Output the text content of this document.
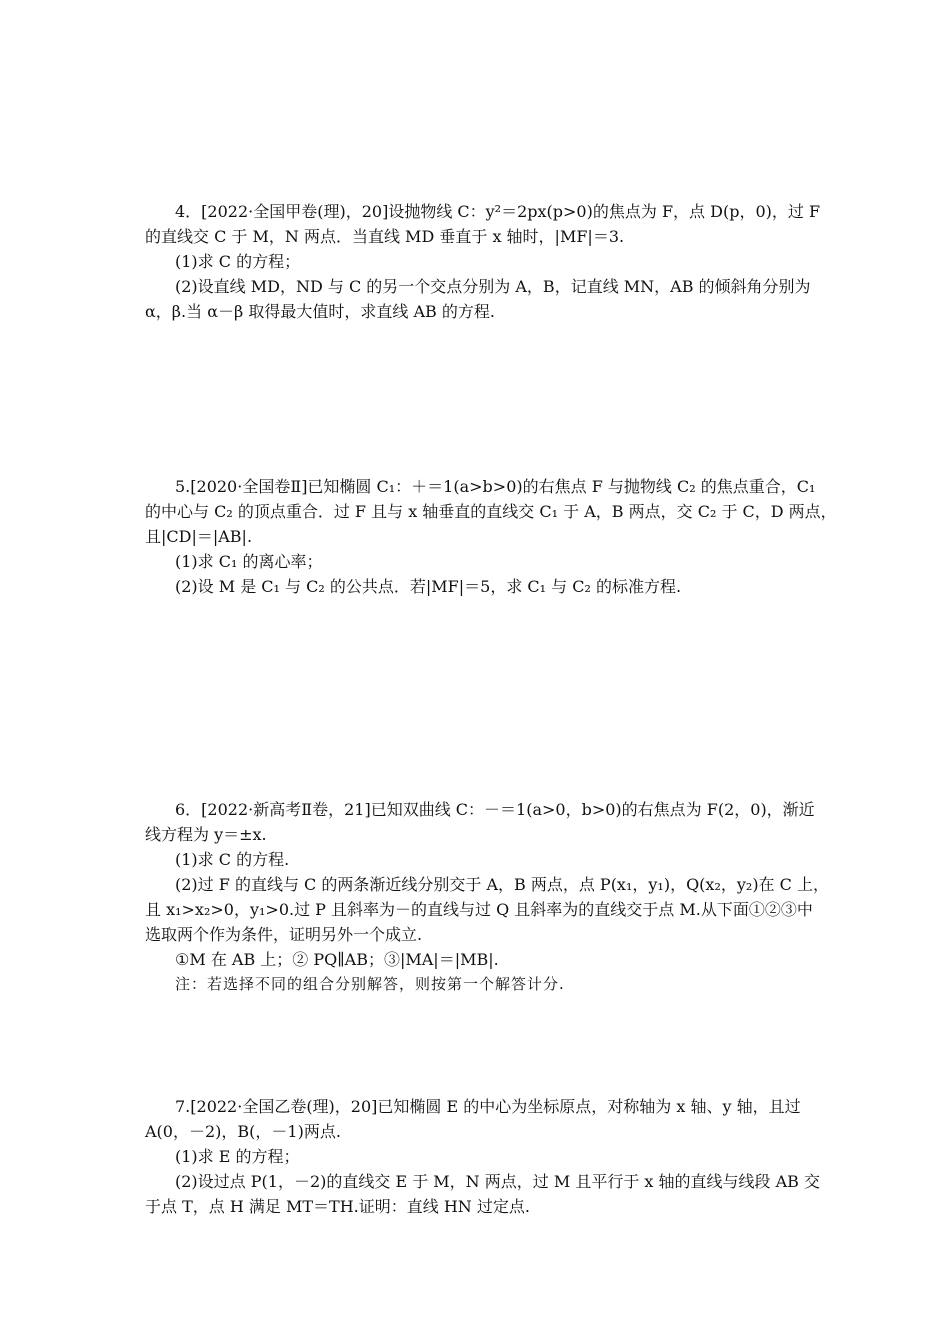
4．[2022·全国甲卷(理)，20]设抛物线 C：y²＝2px(p>0)的焦点为 F，点 D(p，0)，过 F
的直线交 C 于 M，N 两点．当直线 MD 垂直于 x 轴时，|MF|＝3.
(1)求 C 的方程；
(2)设直线 MD，ND 与 C 的另一个交点分别为 A，B，记直线 MN，AB 的倾斜角分别为
α，β.当 α－β 取得最大值时，求直线 AB 的方程.
5.[2020·全国卷Ⅱ]已知椭圆 C₁：＋＝1(a>b>0)的右焦点 F 与抛物线 C₂ 的焦点重合，C₁
的中心与 C₂ 的顶点重合．过 F 且与 x 轴垂直的直线交 C₁ 于 A，B 两点，交 C₂ 于 C，D 两点，
且|CD|＝|AB|.
(1)求 C₁ 的离心率；
(2)设 M 是 C₁ 与 C₂ 的公共点．若|MF|＝5，求 C₁ 与 C₂ 的标准方程.
6．[2022·新高考Ⅱ卷，21]已知双曲线 C：－＝1(a>0，b>0)的右焦点为 F(2，0)，渐近
线方程为 y＝±x.
(1)求 C 的方程.
(2)过 F 的直线与 C 的两条渐近线分别交于 A，B 两点，点 P(x₁，y₁)，Q(x₂，y₂)在 C 上，
且 x₁>x₂>0，y₁>0.过 P 且斜率为－的直线与过 Q 且斜率为的直线交于点 M.从下面①②③中
选取两个作为条件，证明另外一个成立.
①M 在 AB 上；② PQ∥AB；③|MA|＝|MB|.
注：若选择不同的组合分别解答，则按第一个解答计分.
7.[2022·全国乙卷(理)，20]已知椭圆 E 的中心为坐标原点，对称轴为 x 轴、y 轴，且过
A(0，－2)，B(，－1)两点.
(1)求 E 的方程；
(2)设过点 P(1，－2)的直线交 E 于 M，N 两点，过 M 且平行于 x 轴的直线与线段 AB 交
于点 T，点 H 满足 MT＝TH.证明：直线 HN 过定点.
